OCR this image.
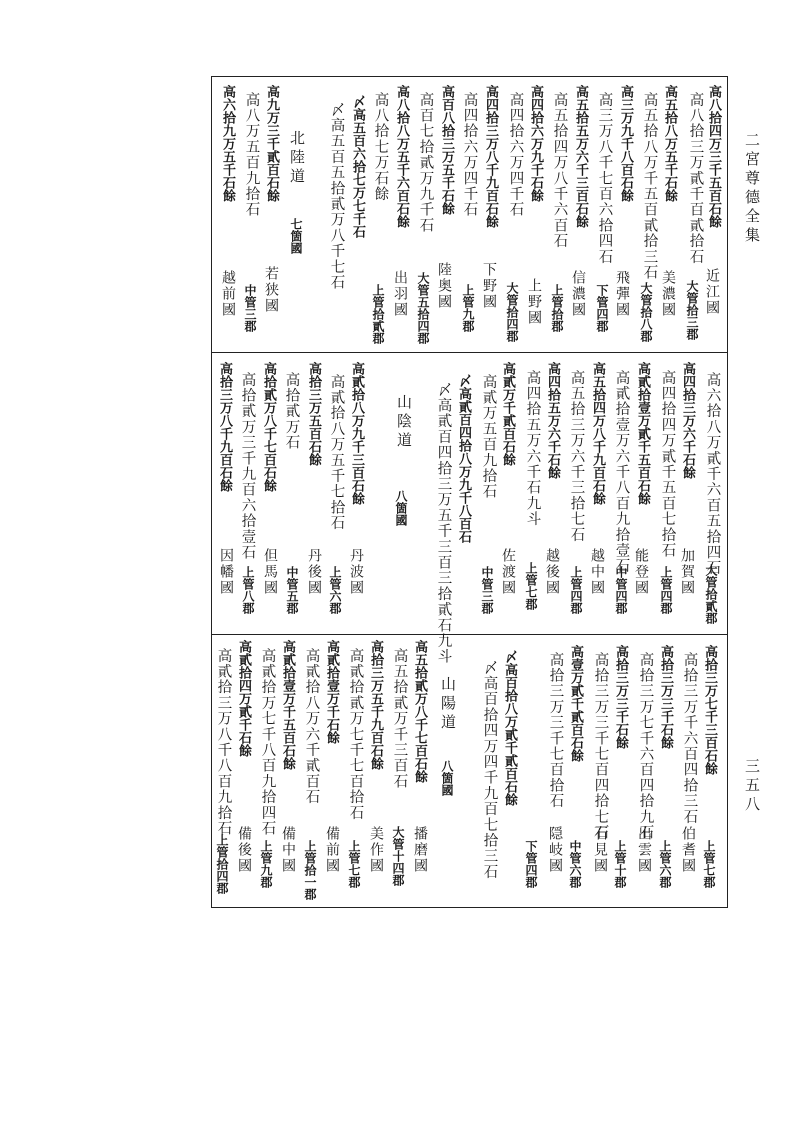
二宮尊德全集
三五八
高八拾四万三千五百石餘
高八拾三万貳千百貳拾石
近江國
大管拾三郡
高五拾八万五千石餘
高五拾八万千五百貳拾三石
美濃國
大管拾八郡
高三万九千八百石餘
高三万八千七百六拾四石
飛彈國
下管四郡
高五拾五万六千三百石餘
高五拾四万八千六百石
信濃國
上管拾郡
高四拾六万九千石餘
高四拾六万四千石
上野國
大管拾四郡
高四拾三万八千九百石餘
高四拾六万四千石
下野國
上管九郡
高百八拾三万五千石餘
高百七拾貳万九千石
陸奥國
大管五拾四郡
高八拾八万五千六百石餘
高八拾七万石餘
出羽國
上管拾貳郡
〆高五百六拾七万七千石
〆高五百五拾貳万八千七石
北陸道
七箇國
高九万三千貳百石餘
高八万五百九拾石
若狭國
中管三郡
高六拾九万五千石餘
越前國
高六拾八万貳千六百五拾四石
大管拾貳郡
高四拾三万六千石餘
高四拾四万貳千五百七拾石
加賀國
上管四郡
高貳拾壹万貳千五百石餘
高貳拾壹万六千八百九拾壹石 能登國
中管四郡
高五拾四万八千九百石餘
高五拾三万六千三拾七石
越中國
上管四郡
高四拾五万六千石餘
高四拾五万六千石九斗
越後國
上管七郡
高貳万千貳百石餘
高貳万五百九拾石
佐渡國
中管三郡
〆高貳百四拾八万九千八百石
〆高貳百四拾三万五千三百三拾貳石九斗
山陰道
八箇國
高貳拾八万九千三百石餘
高貳拾八万五千七拾石
丹波國
上管六郡
高拾三万五百石餘
丹後國
中管五郡
高拾貳万八千七百石餘 高拾貳万石
但馬國
上管八郡
高拾三万八千九百石餘 高拾貳万三千九百六拾壹石
因幡國
高拾三万七千三百石餘
高拾三万千六百四拾三石
伯耆國 上管七郡
高拾三万三千石餘
高拾三万七千六百四拾九石
出雲國 上管六郡
高拾三万三千石餘
高拾三万三千七百四拾七石
石見國 上管十郡
高壹万貳千貳百石餘
高拾三万三千七百拾石
隠岐國 中管六郡
〆高百拾八万貳千貳百石餘
〆高百拾四万四千九百七拾三石 下管四郡
山陽道
八箇國
高五拾貳万八千七百石餘
高五拾貳万千三百石
播磨國
高拾三万五千九百石餘
高貳拾貳万七千七百拾石
美作國 大管十四郡
高貳拾壹万千石餘
高貳拾八万六千貳百石
備前國 上管七郡
高貳拾壹万千五百石餘
高貳拾万七千八百九拾四石
備中國 上管拾一郡
高貳拾四万貳千石餘
高貳拾三万八千八百九拾石
備後國 上管九郡
上管拾四郡
